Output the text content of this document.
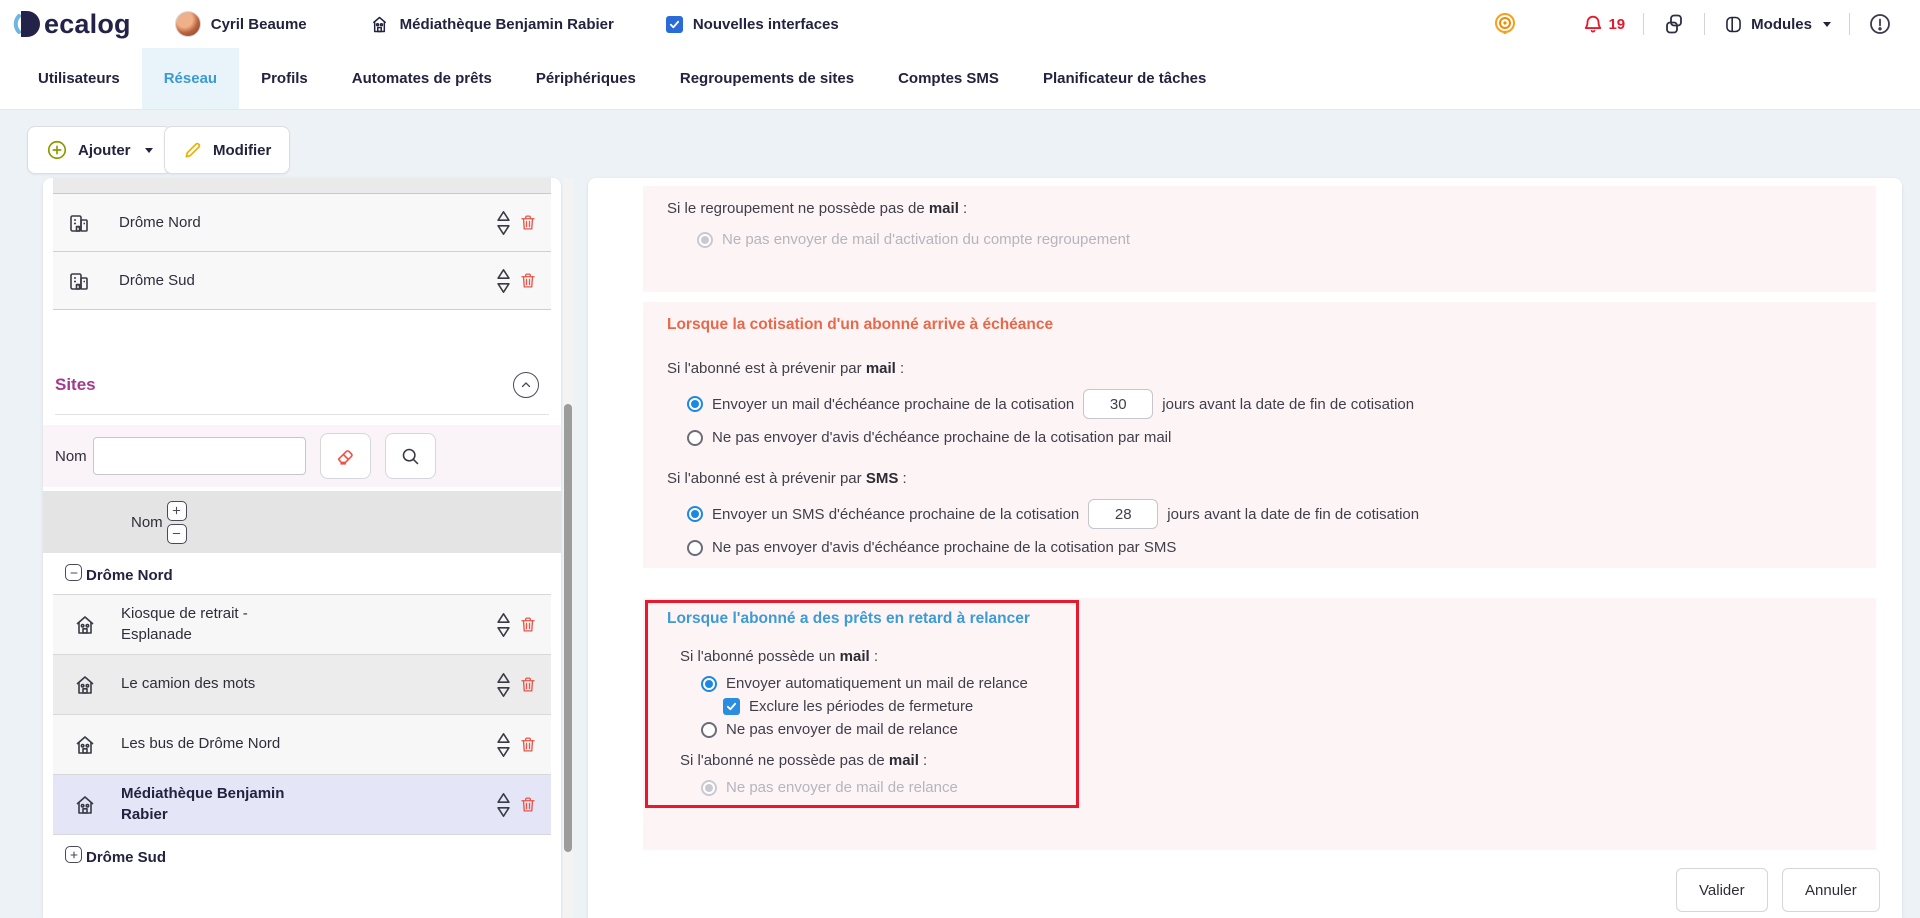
ecalog	Cyril Beaume	Médiathèque Benjamin Rabier	Nouvelles interfaces	19	Modules
Utilisateurs	Réseau	Profils	Automates de prêts	Périphériques	Regroupements de sites	Comptes SMS	Planificateur de tâches
Ajouter	Modifier
Drôme Nord
Drôme Sud
Sites
Nom
Nom
Drôme Nord
Kiosque de retrait - Esplanade
Le camion des mots
Les bus de Drôme Nord
Médiathèque Benjamin Rabier
Drôme Sud
Si le regroupement ne possède pas de mail :
Ne pas envoyer de mail d'activation du compte regroupement
Lorsque la cotisation d'un abonné arrive à échéance
Si l'abonné est à prévenir par mail :
Envoyer un mail d'échéance prochaine de la cotisation
30	jours avant la date de fin de cotisation
Ne pas envoyer d'avis d'échéance prochaine de la cotisation par mail
Si l'abonné est à prévenir par SMS :
Envoyer un SMS d'échéance prochaine de la cotisation
28	jours avant la date de fin de cotisation
Ne pas envoyer d'avis d'échéance prochaine de la cotisation par SMS
Lorsque l'abonné a des prêts en retard à relancer
Si l'abonné possède un mail :
Envoyer automatiquement un mail de relance
Exclure les périodes de fermeture
Ne pas envoyer de mail de relance
Si l'abonné ne possède pas de mail :
Ne pas envoyer de mail de relance
Valider	Annuler
